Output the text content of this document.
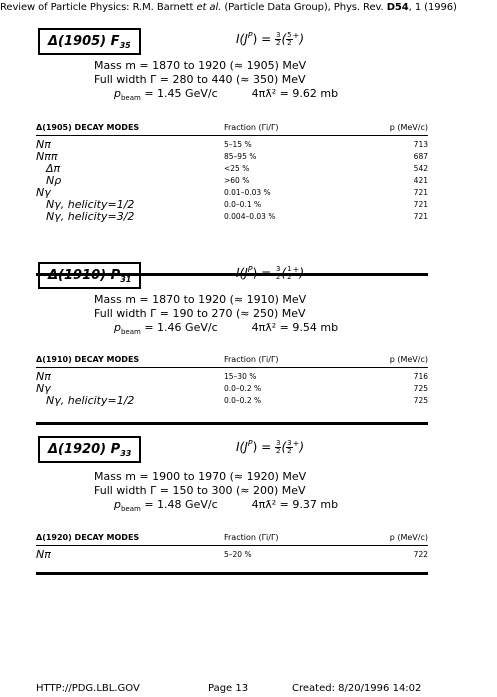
Review of Particle Physics: R.M. Barnett et al. (Particle Data Group), Phys. Rev. D54, 1 (1996)
Δ(1905) $F_{35}$	$I(J^P) = \frac{3}{2}$ ( $\frac{5}{2} ^+$)
Mass m = 1870 to 1920 (≈ 1905) MeV
Full width Γ = 280 to 440 (≈ 350) MeV
$p_{beam} = 1.45$ GeV/c	4πƛ² = 9.62 mb
Δ(1905) DECAY MODES	Fraction (Γi/Γ)	p (MeV/c)
Nπ	5–15 %	713
Nππ	85–95 %	687
Δπ	<25 %	542
Nρ	>60 %	421
Nγ	0.01–0.03 %	721
Nγ, helicity=1/2	0.0–0.1 %	721
Nγ, helicity=3/2	0.004–0.03 %	721
Δ(1910) $P_{31}$	$I(J^P) = \frac{3}{2}$ ( $\frac{1}{2} ^+$)
Mass m = 1870 to 1920 (≈ 1910) MeV
Full width Γ = 190 to 270 (≈ 250) MeV
$p_{beam} = 1.46$ GeV/c	4πƛ² = 9.54 mb
Δ(1910) DECAY MODES	Fraction (Γi/Γ)	p (MeV/c)
Nπ	15–30 %	716
Nγ	0.0–0.2 %	725
Nγ, helicity=1/2	0.0–0.2 %	725
Δ(1920) $P_{33}$	$I(J^P) = \frac{3}{2}$ ( $\frac{3}{2} ^+$)
Mass m = 1900 to 1970 (≈ 1920) MeV
Full width Γ = 150 to 300 (≈ 200) MeV
$p_{beam} = 1.48$ GeV/c	4πƛ² = 9.37 mb
Δ(1920) DECAY MODES	Fraction (Γi/Γ)	p (MeV/c)
Nπ	5–20 %	722
HTTP://PDG.LBL.GOV	Page 13	Created: 8/20/1996 14:02
